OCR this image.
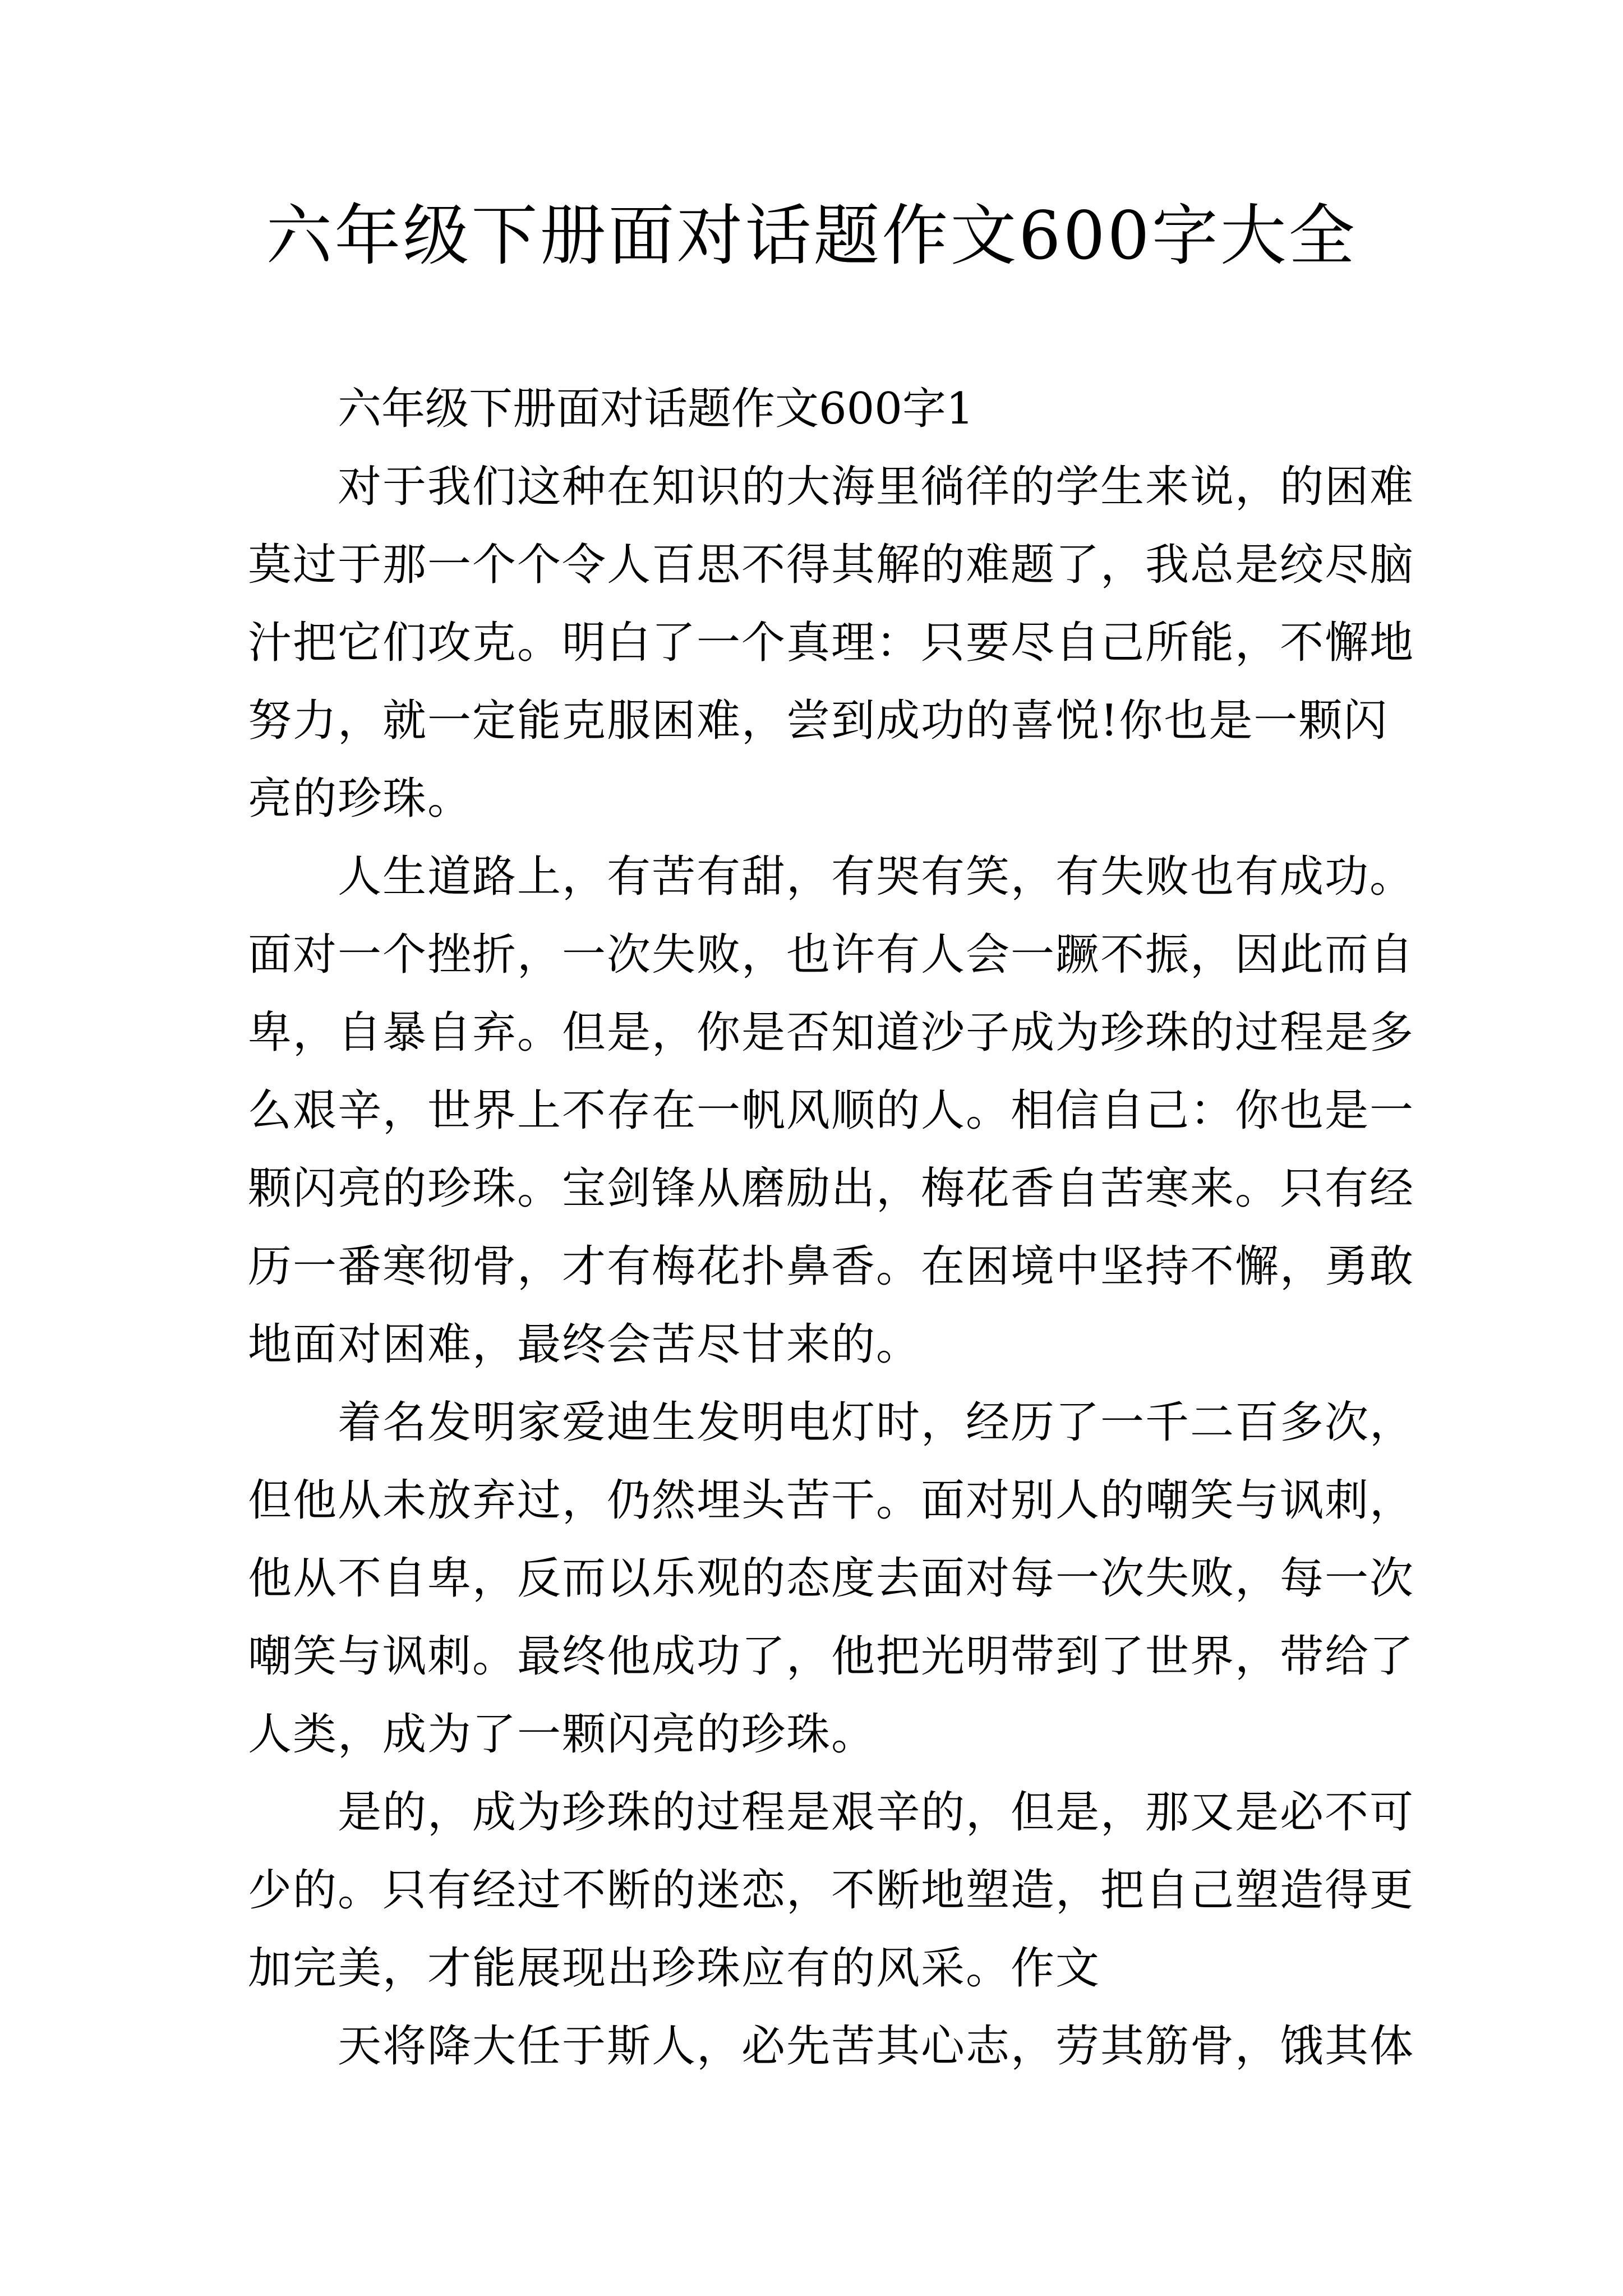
六年级下册面对话题作文600字大全
六年级下册面对话题作文600字1
对于我们这种在知识的大海里徜徉的学生来说，的困难
莫过于那一个个令人百思不得其解的难题了，我总是绞尽脑
汁把它们攻克。明白了一个真理：只要尽自己所能，不懈地
努力，就一定能克服困难，尝到成功的喜悦!你也是一颗闪
亮的珍珠。
人生道路上，有苦有甜，有哭有笑，有失败也有成功。
面对一个挫折，一次失败，也许有人会一蹶不振，因此而自
卑，自暴自弃。但是，你是否知道沙子成为珍珠的过程是多
么艰辛，世界上不存在一帆风顺的人。相信自己：你也是一
颗闪亮的珍珠。宝剑锋从磨励出，梅花香自苦寒来。只有经
历一番寒彻骨，才有梅花扑鼻香。在困境中坚持不懈，勇敢
地面对困难，最终会苦尽甘来的。
着名发明家爱迪生发明电灯时，经历了一千二百多次，
但他从未放弃过，仍然埋头苦干。面对别人的嘲笑与讽刺，
他从不自卑，反而以乐观的态度去面对每一次失败，每一次
嘲笑与讽刺。最终他成功了，他把光明带到了世界，带给了
人类，成为了一颗闪亮的珍珠。
是的，成为珍珠的过程是艰辛的，但是，那又是必不可
少的。只有经过不断的迷恋，不断地塑造，把自己塑造得更
加完美，才能展现出珍珠应有的风采。作文
天将降大任于斯人，必先苦其心志，劳其筋骨，饿其体
